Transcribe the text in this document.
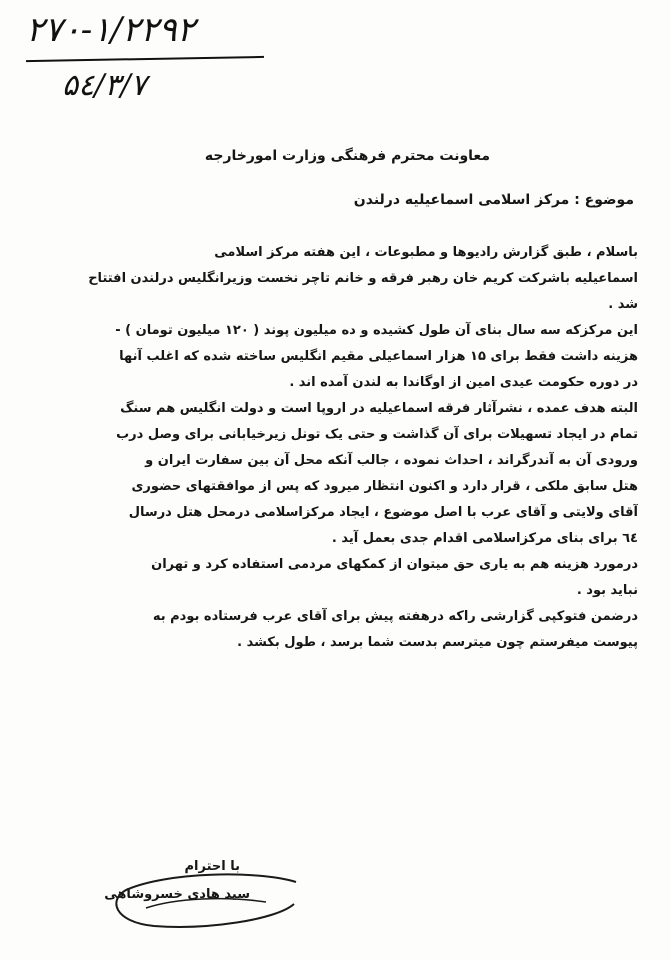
۲۷۰-۱/۲۲۹۲
۵٤/۳/۷
معاونت محترم فرهنگی وزارت امورخارجه
موضوع : مرکز اسلامی اسماعیلیه درلندن
باسلام ، طبق گزارش رادیوها و مطبوعات ، این هفته مرکز اسلامی
اسماعیلیه باشرکت کریم خان رهبر فرقه و خانم تاچر نخست وزیرانگلیس درلندن افتتاح
شد .
این مرکزکه سه سال بنای آن طول کشیده و ده میلیون پوند ( ۱۲۰ میلیون تومان ) -
هزینه داشت فقط برای ۱۵ هزار اسماعیلی مقیم انگلیس ساخته شده که اغلب آنها
در دوره حکومت عیدی امین از اوگاندا به لندن آمده اند .
البته هدف عمده ، نشرآثار فرقه اسماعیلیه در اروپا است و دولت انگلیس هم سنگ
تمام در ایجاد تسهیلات برای آن گذاشت و حتی یک تونل زیرخیابانی برای وصل درب
ورودی آن به آندرگراند ، احداث نموده ، جالب آنکه محل آن بین سفارت ایران و
هتل سابق ملکی ، قرار دارد و اکنون انتظار میرود که پس از موافقتهای حضوری
آقای ولایتی و آقای عرب با اصل موضوع ، ایجاد مرکزاسلامی درمحل هتل درسال
٦٤ برای بنای مرکزاسلامی اقدام جدی بعمل آید .
درمورد هزینه هم به یاری حق میتوان از کمکهای مردمی استفاده کرد و تهران
نباید بود .
درضمن فتوکپی گزارشی راکه درهفته پیش برای آقای عرب فرستاده بودم به
پیوست میفرستم چون میترسم بدست شما برسد ، طول بکشد .
با احترام
سید هادی خسروشاهی
